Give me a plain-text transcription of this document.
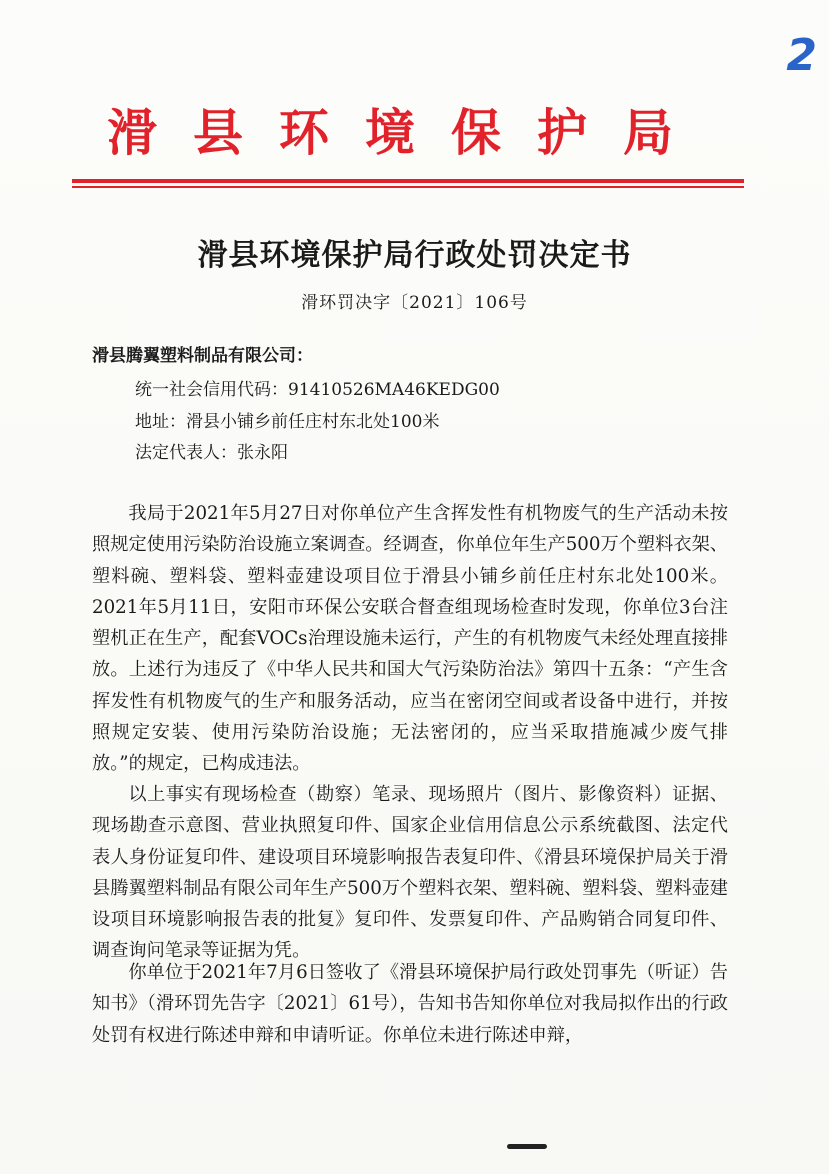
2
滑县环境保护局
滑县环境保护局行政处罚决定书
滑环罚决字〔2021〕106号
滑县腾翼塑料制品有限公司：
统一社会信用代码：91410526MA46KEDG00
地址：滑县小铺乡前任庄村东北处100米
法定代表人：张永阳
我局于2021年5月27日对你单位产生含挥发性有机物废气的生产活动未按照规定使用污染防治设施立案调查。经调查，你单位年生产500万个塑料衣架、塑料碗、塑料袋、塑料壶建设项目位于滑县小铺乡前任庄村东北处100米。2021年5月11日，安阳市环保公安联合督查组现场检查时发现，你单位3台注塑机正在生产，配套VOCs治理设施未运行，产生的有机物废气未经处理直接排放。上述行为违反了《中华人民共和国大气污染防治法》第四十五条：“产生含挥发性有机物废气的生产和服务活动，应当在密闭空间或者设备中进行，并按照规定安装、使用污染防治设施；无法密闭的，应当采取措施减少废气排放。”的规定，已构成违法。
以上事实有现场检查（勘察）笔录、现场照片（图片、影像资料）证据、现场勘查示意图、营业执照复印件、国家企业信用信息公示系统截图、法定代表人身份证复印件、建设项目环境影响报告表复印件、《滑县环境保护局关于滑县腾翼塑料制品有限公司年生产500万个塑料衣架、塑料碗、塑料袋、塑料壶建设项目环境影响报告表的批复》复印件、发票复印件、产品购销合同复印件、调查询问笔录等证据为凭。
你单位于2021年7月6日签收了《滑县环境保护局行政处罚事先（听证）告知书》（滑环罚先告字〔2021〕61号），告知书告知你单位对我局拟作出的行政处罚有权进行陈述申辩和申请听证。你单位未进行陈述申辩，
